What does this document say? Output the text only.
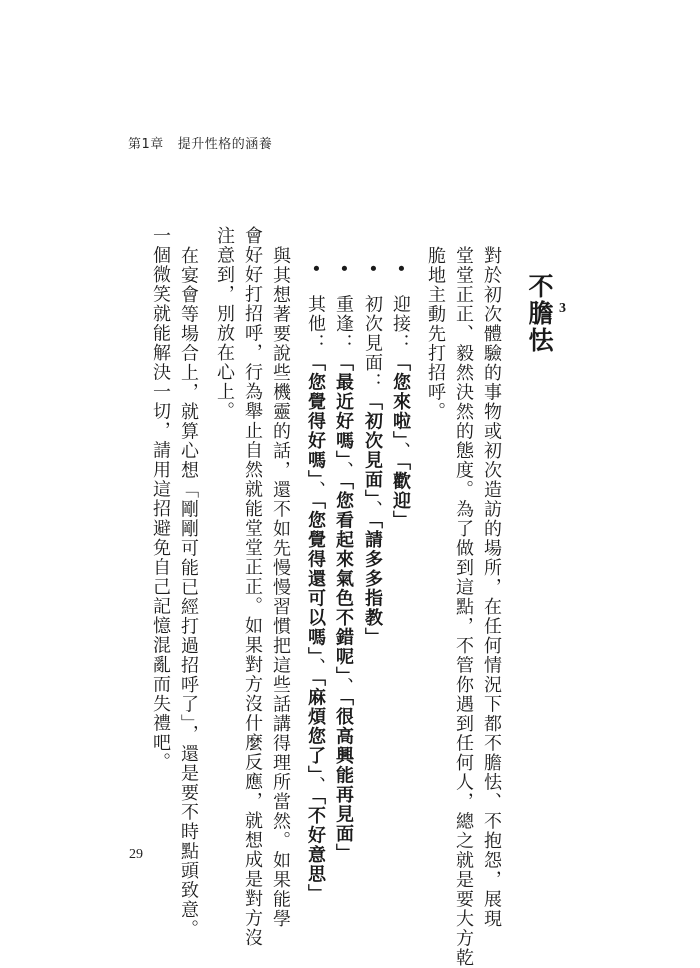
第1章 提升性格的涵養
3
不膽怯
對於初次體驗的事物或初次造訪的場所，在任何情況下都不膽怯、不抱怨，展現
堂堂正正、毅然決然的態度。為了做到這點，不管你遇到任何人，總之就是要大方乾
脆地主動先打招呼。
•　迎接：「您來啦」、「歡迎」
•　初次見面：「初次見面」、「請多多指教」
•　重逢：「最近好嗎」、「您看起來氣色不錯呢」、「很高興能再見面」
•　其他：「您覺得好嗎」、「您覺得還可以嗎」、「麻煩您了」、「不好意思」
與其想著要說些機靈的話，還不如先慢慢習慣把這些話講得理所當然。如果能學
會好好打招呼，行為舉止自然就能堂堂正正。如果對方沒什麼反應，就想成是對方沒
注意到，別放在心上。
在宴會等場合上，就算心想「剛剛可能已經打過招呼了」，還是要不時點頭致意。
一個微笑就能解決一切，請用這招避免自己記憶混亂而失禮吧。
29
